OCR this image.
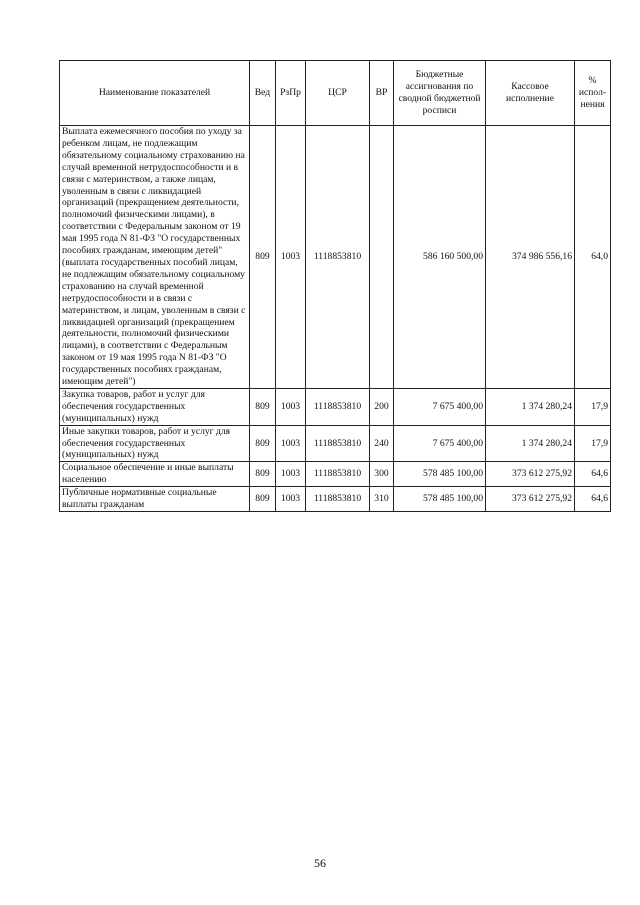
Наименование показателей	Вед	РзПр	ЦСР	ВР	Бюджетные ассигнования по сводной бюджетной росписи	Кассовое исполнение	% испол-нения
Выплата ежемесячного пособия по уходу за ребенком лицам, не подлежащим обязательному социальному страхованию на случай временной нетрудоспособности и в связи с материнством, а также лицам, уволенным в связи с ликвидацией организаций (прекращением деятельности, полномочий физическими лицами), в соответствии с Федеральным законом от 19 мая 1995 года N 81-ФЗ "О государственных пособиях гражданам, имеющим детей" (выплата государственных пособий лицам, не подлежащим обязательному социальному страхованию на случай временной нетрудоспособности и в связи с материнством, и лицам, уволенным в связи с ликвидацией организаций (прекращением деятельности, полномочий физическими лицами), в соответствии с Федеральным законом от 19 мая 1995 года N 81-ФЗ "О государственных пособиях гражданам, имеющим детей")	809	1003	1118853810		586 160 500,00	374 986 556,16	64,0
Закупка товаров, работ и услуг для обеспечения государственных (муниципальных) нужд	809	1003	1118853810	200	7 675 400,00	1 374 280,24	17,9
Иные закупки товаров, работ и услуг для обеспечения государственных (муниципальных) нужд	809	1003	1118853810	240	7 675 400,00	1 374 280,24	17,9
Социальное обеспечение и иные выплаты населению	809	1003	1118853810	300	578 485 100,00	373 612 275,92	64,6
Публичные нормативные социальные выплаты гражданам	809	1003	1118853810	310	578 485 100,00	373 612 275,92	64,6
56
